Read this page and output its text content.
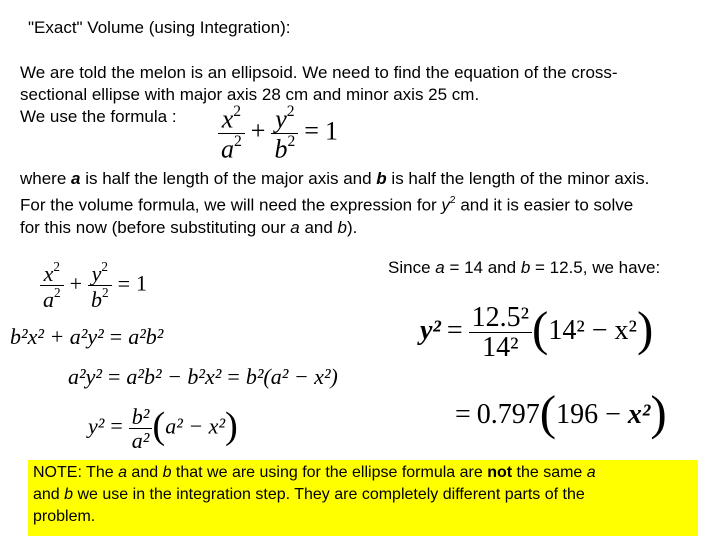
"Exact" Volume (using Integration):
We are told the melon is an ellipsoid. We need to find the equation of the cross-
sectional ellipse with major axis 28 cm and minor axis 25 cm.
We use the formula :	$\frac{x^2}{a^2} + \frac{y^2}{b^2} = 1$
where a is half the length of the major axis and b is half the length of the minor axis.
For the volume formula, we will need the expression for $y^2$ and it is easier to solve
for this now (before substituting our a and b).
$\frac{x^2}{a^2} + \frac{y^2}{b^2} = 1$
b²x² + a²y² = a²b²
a²y² = a²b² − b²x² = b²(a² − x²)
$y^2 = \frac{\text{b²}}{\text{a²}} (a^2 - x^2)$
Since a = 14 and b = 12.5, we have:
$y^2 = \frac{\text{12.5²}}{\text{14²}} (14^2 - x^2)$
= 0.797(196 − x²)
NOTE: The a and b that we are using for the ellipse formula are not the same a
and b we use in the integration step. They are completely different parts of the
problem.
